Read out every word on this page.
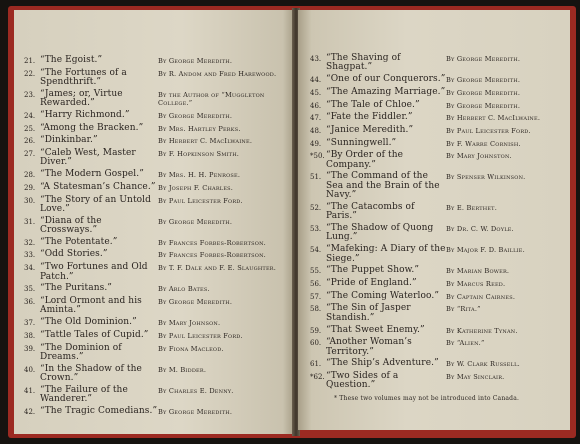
21. “The Egoist.”	By George Meredith.
22. “The Fortunes of a Spendthrift.”
By R. Andom and Fred Harewood.
23. “James; or, Virtue Rewarded.”
By the Author of “Muggleton College.”
24. “Harry Richmond.”	By George Meredith.
25. “Among the Bracken.”	By Mrs. Hartley Perks.
26. “Dinkinbar.”	By Herbert C. MacIlwaine.
27. “Caleb West, Master Diver.”
By F. Hopkinson Smith.
28. “The Modern Gospel.”	By Mrs. H. H. Penrose.
29. “A Statesman’s Chance.” By Joseph F. Charles.
30. “The Story of an Untold Love.”
By Paul Leicester Ford.
31. “Diana of the Crossways.”
By George Meredith.
32. “The Potentate.”	By Frances Forbes-Robertson.
33. “Odd Stories.”	By Frances Forbes-Robertson.
34. “Two Fortunes and Old Patch.”
By T. F. Dale and F. E. Slaughter.
35. “The Puritans.”	By Arlo Bates.
36. “Lord Ormont and his Aminta.”
By George Meredith.
37. “The Old Dominion.”	By Mary Johnson.
38. “Tattle Tales of Cupid.”	By Paul Leicester Ford.
39. “The Dominion of Dreams.”
By Fiona Macleod.
40. “In the Shadow of the Crown.”
By M. Bidder.
41. “The Failure of the Wanderer.”
By Charles E. Denny.
42. “The Tragic Comedians.” By George Meredith.
43. “The Shaving of Shagpat.”
By George Meredith.
44. “One of our Conquerors.” By George Meredith.
45. “The Amazing Marriage.” By George Meredith.
46. “The Tale of Chloe.”	By George Meredith.
47. “Fate the Fiddler.”	By Herbert C. MacIlwaine.
48. “Janice Meredith.”	By Paul Leicester Ford.
49. “Sunningwell.”	By F. Warre Cornish.
*50. “By Order of the Company.”
By Mary Johnston.
51. “The Command of the Sea and the Brain of the Navy.”
By Spenser Wilkinson.
52. “The Catacombs of Paris.”
By E. Berthet.
53. “The Shadow of Quong Lung.”
By Dr. C. W. Doyle.
54. “Mafeking: A Diary of the Siege.”
By Major F. D. Baillie.
55. “The Puppet Show.”	By Marian Bower.
56. “Pride of England.”	By Marcus Reed.
57. “The Coming Waterloo.”	By Captain Cairnes.
58. “The Sin of Jasper Standish.”
By “Rita.”
59. “That Sweet Enemy.”	By Katherine Tynan.
60. “Another Woman’s Territory.”
By “Alien.”
61. “The Ship’s Adventure.”	By W. Clark Russell.
*62. “Two Sides of a Question.”
By May Sinclair.
* These two volumes may not be introduced into Canada.
